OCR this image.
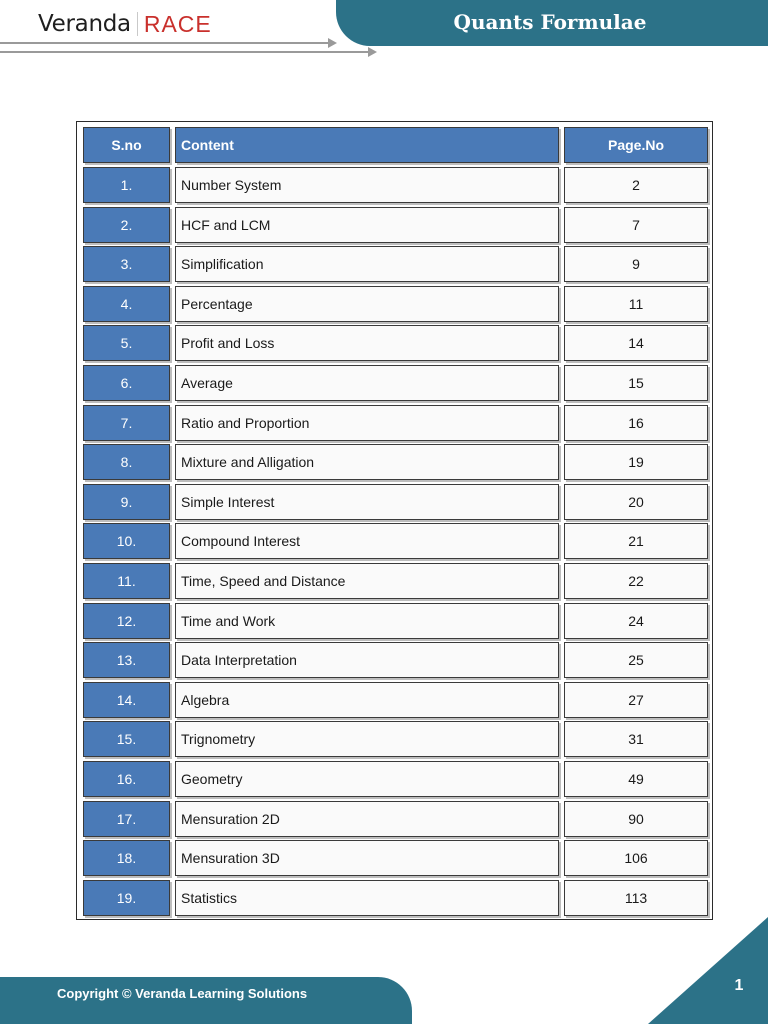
Veranda RACE	Quants Formulae
S.no	Content	Page.No
1.	Number System	2
2.	HCF and LCM	7
3.	Simplification	9
4.	Percentage	11
5.	Profit and Loss	14
6.	Average	15
7.	Ratio and Proportion	16
8.	Mixture and Alligation	19
9.	Simple Interest	20
10.	Compound Interest	21
11.	Time, Speed and Distance	22
12.	Time and Work	24
13.	Data Interpretation	25
14.	Algebra	27
15.	Trignometry	31
16.	Geometry	49
17.	Mensuration 2D	90
18.	Mensuration 3D	106
19.	Statistics	113
Copyright © Veranda Learning Solutions	1
